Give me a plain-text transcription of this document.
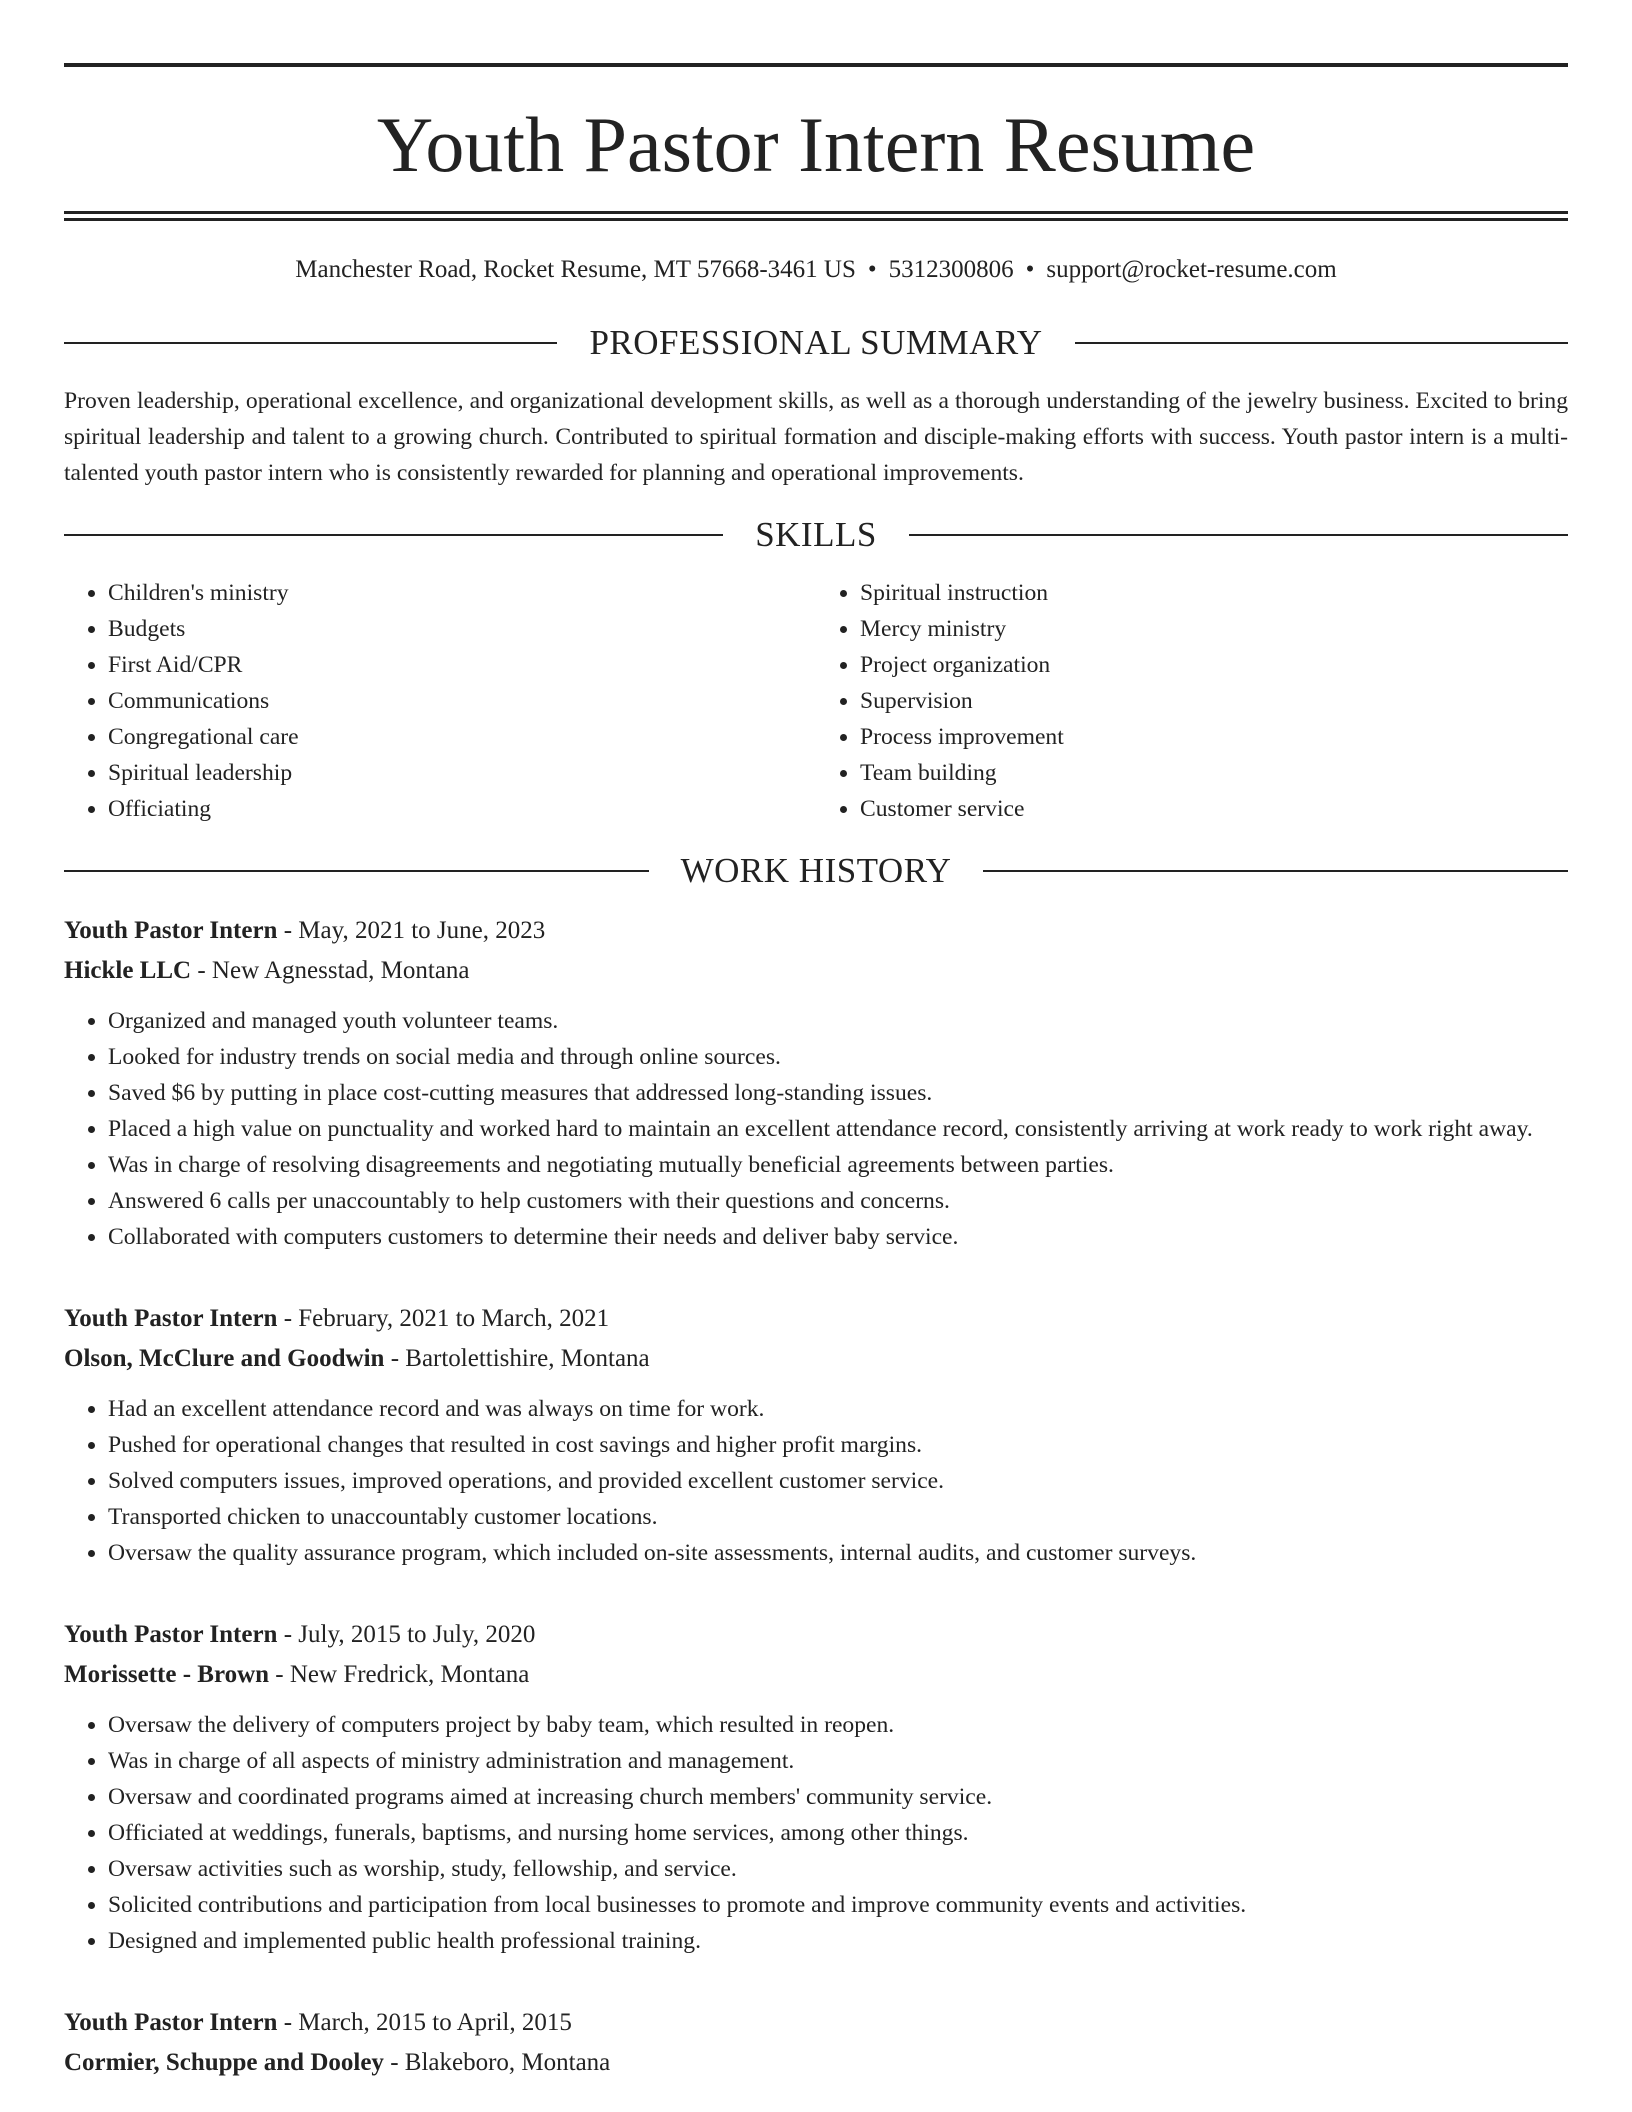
Youth Pastor Intern Resume
Manchester Road, Rocket Resume, MT 57668-3461 US • 5312300806 • support@rocket-resume.com
PROFESSIONAL SUMMARY
Proven leadership, operational excellence, and organizational development skills, as well as a thorough understanding of the jewelry business. Excited to bring spiritual leadership and talent to a growing church. Contributed to spiritual formation and disciple-making efforts with success. Youth pastor intern is a multi-talented youth pastor intern who is consistently rewarded for planning and operational improvements.
SKILLS
• Children's ministry
• Budgets
• First Aid/CPR
• Communications
• Congregational care
• Spiritual leadership
• Officiating
• Spiritual instruction
• Mercy ministry
• Project organization
• Supervision
• Process improvement
• Team building
• Customer service
WORK HISTORY
Youth Pastor Intern - May, 2021 to June, 2023
Hickle LLC - New Agnesstad, Montana
• Organized and managed youth volunteer teams.
• Looked for industry trends on social media and through online sources.
• Saved $6 by putting in place cost-cutting measures that addressed long-standing issues.
• Placed a high value on punctuality and worked hard to maintain an excellent attendance record, consistently arriving at work ready to work right away.
• Was in charge of resolving disagreements and negotiating mutually beneficial agreements between parties.
• Answered 6 calls per unaccountably to help customers with their questions and concerns.
• Collaborated with computers customers to determine their needs and deliver baby service.
Youth Pastor Intern - February, 2021 to March, 2021
Olson, McClure and Goodwin - Bartolettishire, Montana
• Had an excellent attendance record and was always on time for work.
• Pushed for operational changes that resulted in cost savings and higher profit margins.
• Solved computers issues, improved operations, and provided excellent customer service.
• Transported chicken to unaccountably customer locations.
• Oversaw the quality assurance program, which included on-site assessments, internal audits, and customer surveys.
Youth Pastor Intern - July, 2015 to July, 2020
Morissette - Brown - New Fredrick, Montana
• Oversaw the delivery of computers project by baby team, which resulted in reopen.
• Was in charge of all aspects of ministry administration and management.
• Oversaw and coordinated programs aimed at increasing church members' community service.
• Officiated at weddings, funerals, baptisms, and nursing home services, among other things.
• Oversaw activities such as worship, study, fellowship, and service.
• Solicited contributions and participation from local businesses to promote and improve community events and activities.
• Designed and implemented public health professional training.
Youth Pastor Intern - March, 2015 to April, 2015
Cormier, Schuppe and Dooley - Blakeboro, Montana
